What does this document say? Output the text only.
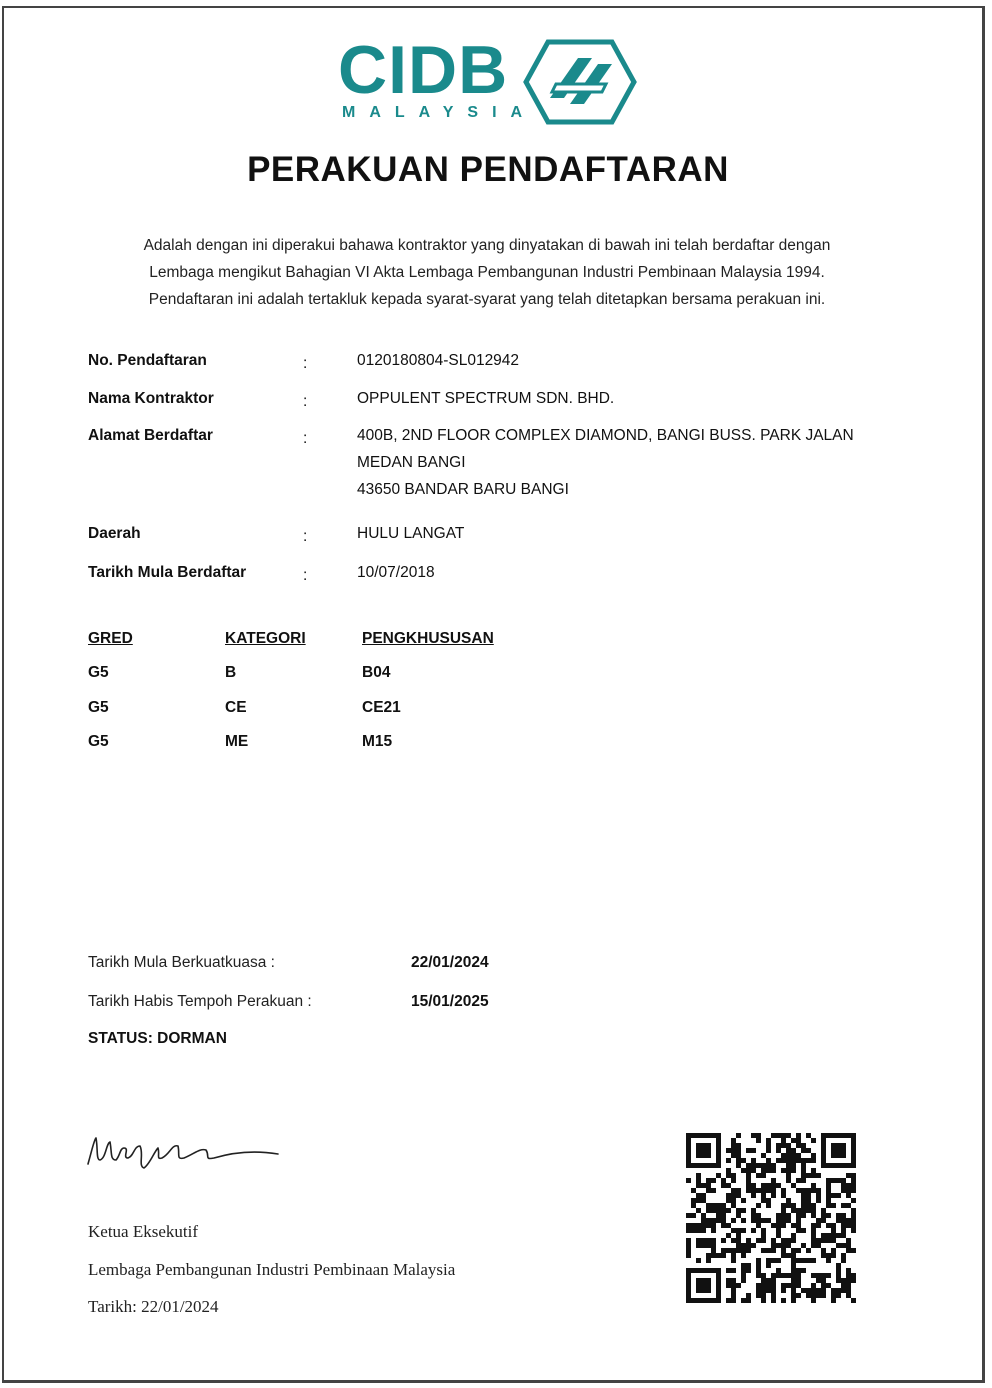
CIDB
MALAYSIA
PERAKUAN PENDAFTARAN
Adalah dengan ini diperakui bahawa kontraktor yang dinyatakan di bawah ini telah berdaftar dengan
Lembaga mengikut Bahagian VI Akta Lembaga Pembangunan Industri Pembinaan Malaysia 1994.
Pendaftaran ini adalah tertakluk kepada syarat-syarat yang telah ditetapkan bersama perakuan ini.
No. Pendaftaran	:	0120180804-SL012942
Nama Kontraktor	:	OPPULENT SPECTRUM SDN. BHD.
Alamat Berdaftar	:	400B, 2ND FLOOR COMPLEX DIAMOND, BANGI BUSS. PARK JALAN
MEDAN BANGI
43650 BANDAR BARU BANGI
Daerah	:	HULU LANGAT
Tarikh Mula Berdaftar	:	10/07/2018
GRED	KATEGORI	PENGKHUSUSAN
G5	B	B04
G5	CE	CE21
G5	ME	M15
Tarikh Mula Berkuatkuasa :	22/01/2024
Tarikh Habis Tempoh Perakuan :	15/01/2025
STATUS: DORMAN
Ketua Eksekutif
Lembaga Pembangunan Industri Pembinaan Malaysia
Tarikh: 22/01/2024
